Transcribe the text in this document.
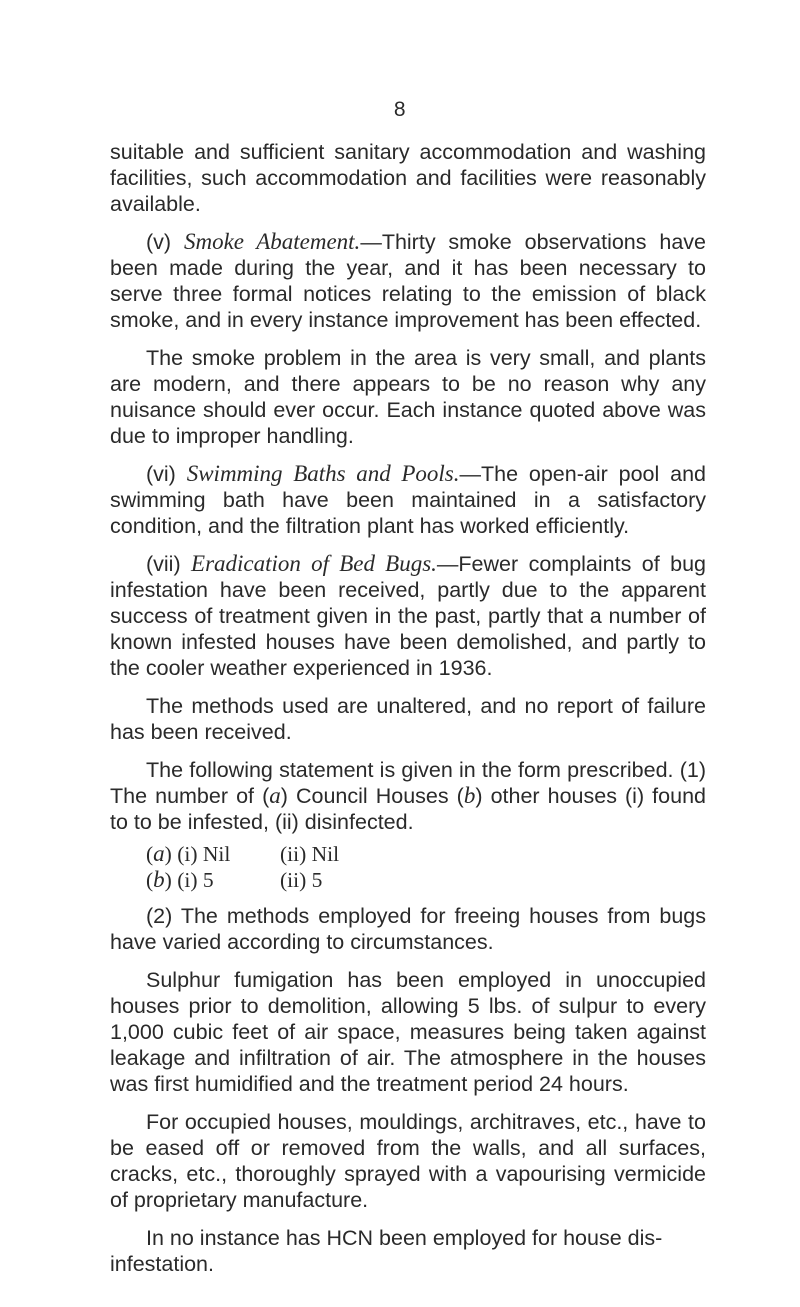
8

suitable and sufficient sanitary accommodation and washing facilities, such accommodation and facilities were reasonably available.

(v) Smoke Abatement.—Thirty smoke observations have been made during the year, and it has been necessary to serve three formal notices relating to the emission of black smoke, and in every instance improvement has been effected.

The smoke problem in the area is very small, and plants are modern, and there appears to be no reason why any nuisance should ever occur. Each instance quoted above was due to improper handling.

(vi) Swimming Baths and Pools.—The open-air pool and swimming bath have been maintained in a satisfactory condition, and the filtration plant has worked efficiently.

(vii) Eradication of Bed Bugs.—Fewer complaints of bug infestation have been received, partly due to the apparent success of treatment given in the past, partly that a number of known infested houses have been demolished, and partly to the cooler weather experienced in 1936.

The methods used are unaltered, and no report of failure has been received.

The following statement is given in the form prescribed. (1) The number of (a) Council Houses (b) other houses (i) found to to be infested, (ii) disinfected.

(a) (i) Nil	(ii) Nil
(b) (i) 5	(ii) 5

(2) The methods employed for freeing houses from bugs have varied according to circumstances.

Sulphur fumigation has been employed in unoccupied houses prior to demolition, allowing 5 lbs. of sulpur to every 1,000 cubic feet of air space, measures being taken against leakage and infiltration of air. The atmosphere in the houses was first humidified and the treatment period 24 hours.

For occupied houses, mouldings, architraves, etc., have to be eased off or removed from the walls, and all surfaces, cracks, etc., thoroughly sprayed with a vapourising vermicide of proprietary manufacture.

In no instance has HCN been employed for house dis-infestation.
